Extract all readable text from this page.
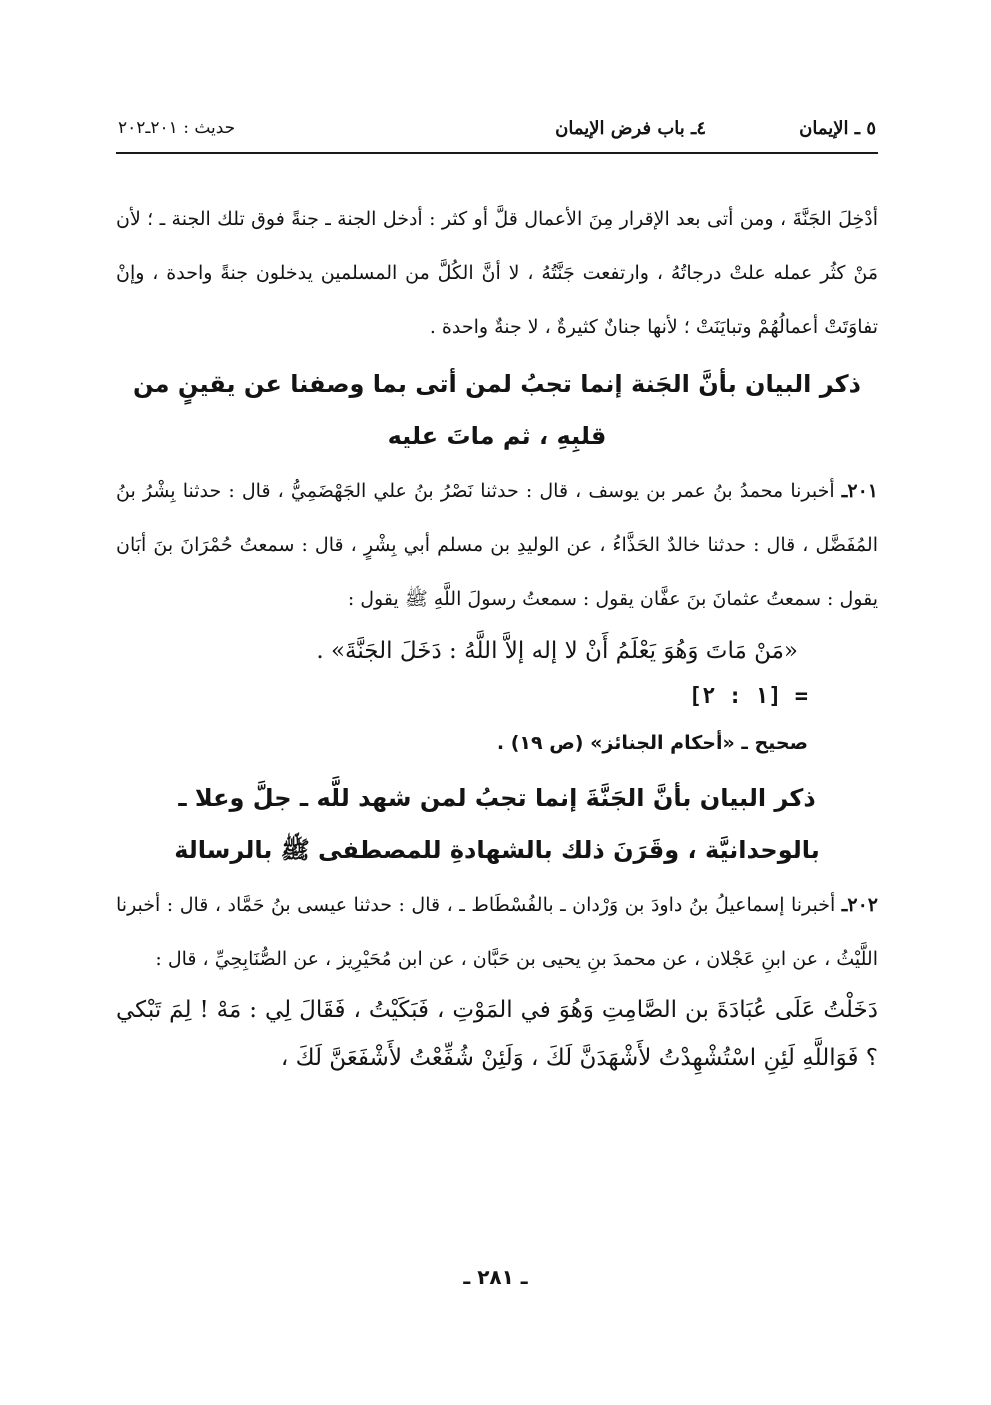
٥ ـ الإيمان
٤ـ باب فرض الإيمان
حديث : ٢٠١ـ٢٠٢

أدْخِلَ الجَنَّةَ ، ومن أتى بعد الإقرار مِنَ الأعمال قلَّ أو كثر : أدخل الجنة ـ جنةً فوق تلك الجنة ـ ؛ لأن مَنْ كثُر عمله علتْ درجاتُهُ ، وارتفعت جَنَّتُهُ ، لا أنَّ الكُلَّ من المسلمين يدخلون جنةً واحدة ، وإنْ تفاوَتَتْ أعمالُهُمْ وتبايَنَتْ ؛ لأنها جنانٌ كثيرةٌ ، لا جنةٌ واحدة .

ذكر البيان بأنَّ الجَنة إنما تجبُ لمن أتى بما وصفنا عن يقينٍ من
قلبِهِ ، ثم ماتَ عليه

٢٠١ـ أخبرنا محمدُ بنُ عمر بن يوسف ، قال : حدثنا نَصْرُ بنُ علي الجَهْضَمِيُّ ، قال : حدثنا بِشْرُ بنُ المُفَضَّل ، قال : حدثنا خالدٌ الحَذَّاءُ ، عن الوليدِ بن مسلم أبي بِشْرٍ ، قال : سمعتُ حُمْرَانَ بنَ أبَان يقول : سمعتُ عثمانَ بنَ عفَّان يقول : سمعتُ رسولَ اللَّهِ ﷺ يقول :

«مَنْ مَاتَ وَهُوَ يَعْلَمُ أَنْ لا إله إلاَّ اللَّهُ : دَخَلَ الجَنَّةَ» .

= [١ : ٢]

صحيح ـ «أحكام الجنائز» (ص ١٩) .

ذكر البيان بأنَّ الجَنَّةَ إنما تجبُ لمن شهد للَّه ـ جلَّ وعلا ـ
بالوحدانيَّة ، وقَرَنَ ذلك بالشهادةِ للمصطفى ﷺ بالرسالة

٢٠٢ـ أخبرنا إسماعيلُ بنُ داودَ بن وَرْدان ـ بالفُسْطَاط ـ ، قال : حدثنا عيسى بنُ حَمَّاد ، قال : أخبرنا اللَّيْثُ ، عن ابنِ عَجْلان ، عن محمدَ بنِ يحيى بن حَبَّان ، عن ابن مُحَيْرِيز ، عن الصُّنَابِحِيِّ ، قال :

دَخَلْتُ عَلَى عُبَادَةَ بن الصَّامِتِ وَهُوَ في المَوْتِ ، فَبَكَيْتُ ، فَقَالَ لِي : مَهْ ! لِمَ تَبْكي ؟ فَوَاللَّهِ لَئِنِ اسْتُشْهِدْتُ لأَشْهَدَنَّ لَكَ ، وَلَئِنْ شُفِّعْتُ لأَشْفَعَنَّ لَكَ ،

ـ ٢٨١ ـ
